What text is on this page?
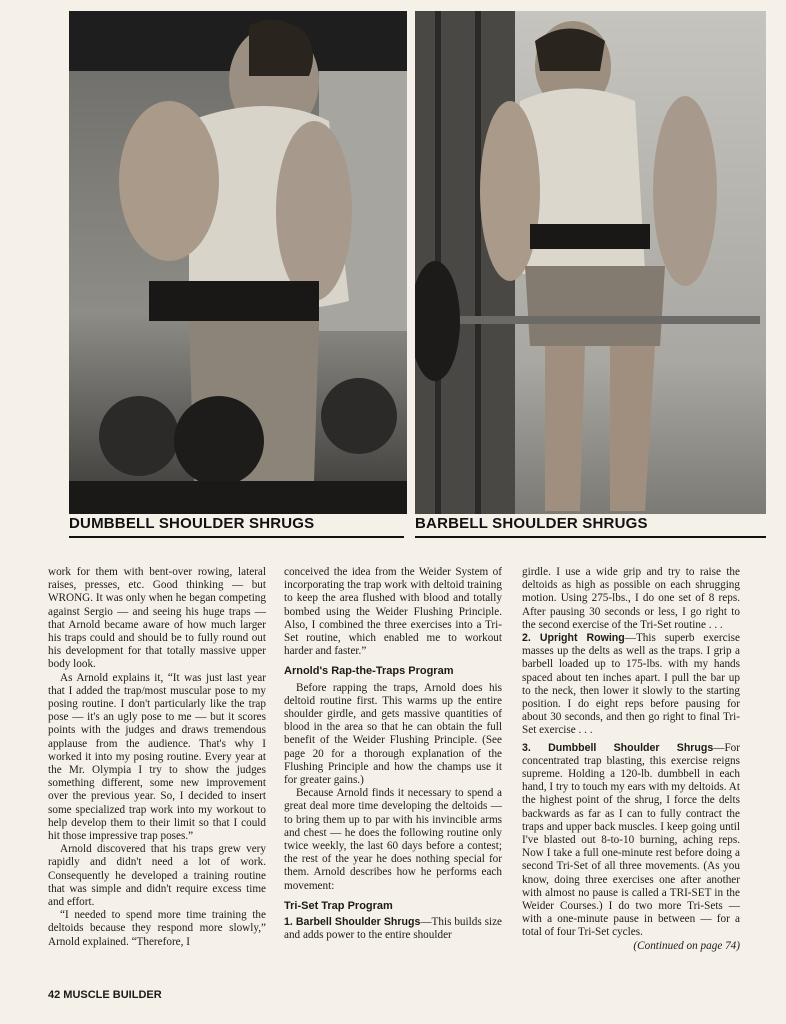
DUMBBELL SHOULDER SHRUGS	BARBELL SHOULDER SHRUGS

work for them with bent-over rowing, lateral raises, presses, etc. Good thinking — but WRONG. It was only when he began competing against Sergio — and seeing his huge traps — that Arnold became aware of how much larger his traps could and should be to fully round out his development for that totally massive upper body look.

As Arnold explains it, “It was just last year that I added the trap/most muscular pose to my posing routine. I don't particularly like the trap pose — it's an ugly pose to me — but it scores points with the judges and draws tremendous applause from the audience. That's why I worked it into my posing routine. Every year at the Mr. Olympia I try to show the judges something different, some new improvement over the previous year. So, I decided to insert some specialized trap work into my workout to help develop them to their limit so that I could hit those impressive trap poses.”

Arnold discovered that his traps grew very rapidly and didn't need a lot of work. Consequently he developed a training routine that was simple and didn't require excess time and effort.

“I needed to spend more time training the deltoids because they respond more slowly,” Arnold explained. “Therefore, I

conceived the idea from the Weider System of incorporating the trap work with deltoid training to keep the area flushed with blood and totally bombed using the Weider Flushing Principle. Also, I combined the three exercises into a Tri-Set routine, which enabled me to workout harder and faster.”

Arnold's Rap-the-Traps Program

Before rapping the traps, Arnold does his deltoid routine first. This warms up the entire shoulder girdle, and gets massive quantities of blood in the area so that he can obtain the full benefit of the Weider Flushing Principle. (See page 20 for a thorough explanation of the Flushing Principle and how the champs use it for greater gains.)

Because Arnold finds it necessary to spend a great deal more time developing the deltoids — to bring them up to par with his invincible arms and chest — he does the following routine only twice weekly, the last 60 days before a contest; the rest of the year he does nothing special for them. Arnold describes how he performs each movement:

Tri-Set Trap Program

1. Barbell Shoulder Shrugs—This builds size and adds power to the entire shoulder

girdle. I use a wide grip and try to raise the deltoids as high as possible on each shrugging motion. Using 275-lbs., I do one set of 8 reps. After pausing 30 seconds or less, I go right to the second exercise of the Tri-Set routine . . .

2. Upright Rowing—This superb exercise masses up the delts as well as the traps. I grip a barbell loaded up to 175-lbs. with my hands spaced about ten inches apart. I pull the bar up to the neck, then lower it slowly to the starting position. I do eight reps before pausing for about 30 seconds, and then go right to final Tri-Set exercise . . .

3. Dumbbell Shoulder Shrugs—For concentrated trap blasting, this exercise reigns supreme. Holding a 120-lb. dumbbell in each hand, I try to touch my ears with my deltoids. At the highest point of the shrug, I force the delts backwards as far as I can to fully contract the traps and upper back muscles. I keep going until I've blasted out 8-to-10 burning, aching reps. Now I take a full one-minute rest before doing a second Tri-Set of all three movements. (As you know, doing three exercises one after another with almost no pause is called a TRI-SET in the Weider Courses.) I do two more Tri-Sets — with a one-minute pause in between — for a total of four Tri-Set cycles.

(Continued on page 74)
42 MUSCLE BUILDER
